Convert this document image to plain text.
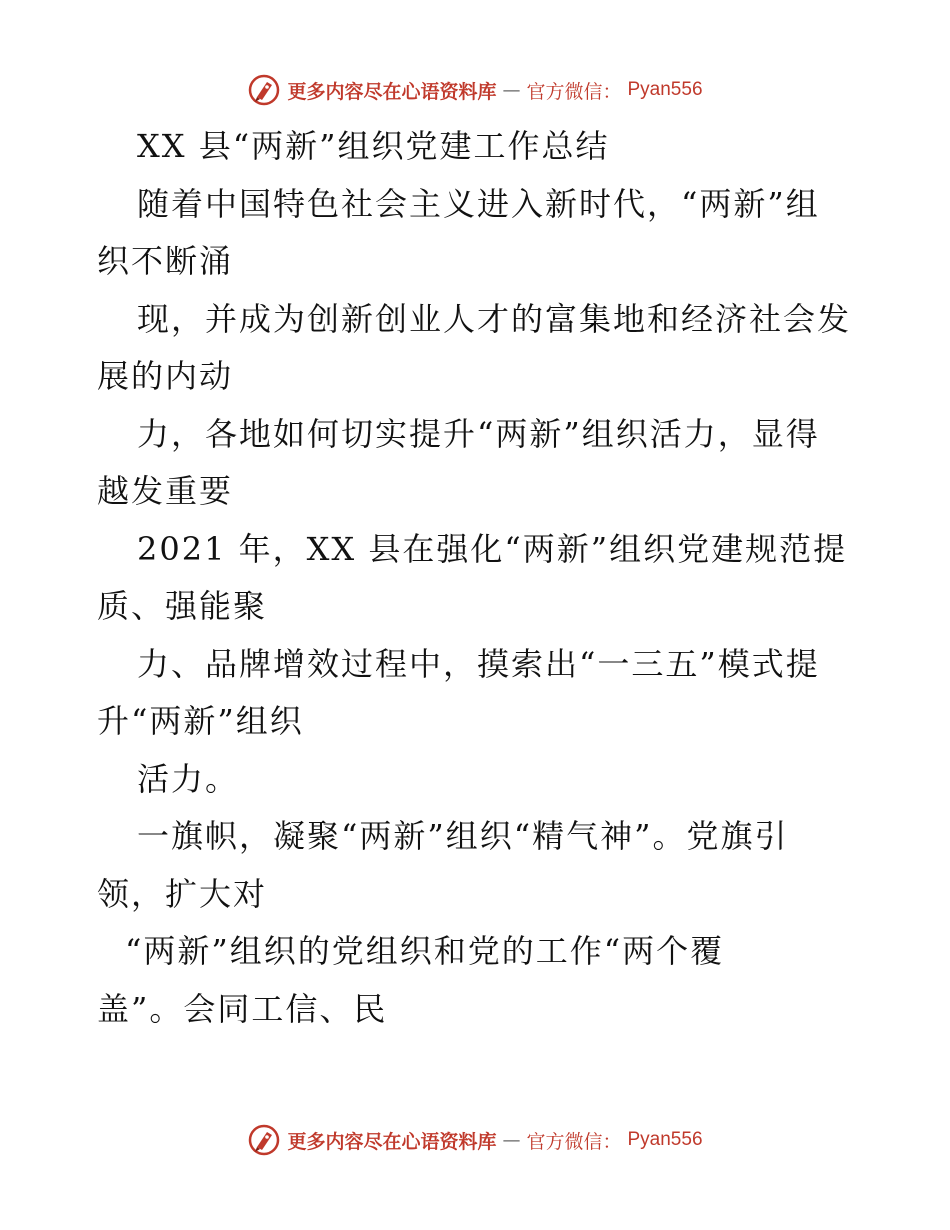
更多内容尽在心语资料库 — 官方微信： Pyan556
XX 县“两新”组织党建工作总结
随着中国特色社会主义进入新时代，“两新”组
织不断涌
现，并成为创新创业人才的富集地和经济社会发
展的内动
力，各地如何切实提升“两新”组织活力，显得
越发重要
2021 年，XX 县在强化“两新”组织党建规范提
质、强能聚
力、品牌增效过程中，摸索出“一三五”模式提
升“两新”组织
活力。
一旗帜，凝聚“两新”组织“精气神”。党旗引
领，扩大对
“两新”组织的党组织和党的工作“两个覆
盖”。会同工信、民
更多内容尽在心语资料库 — 官方微信： Pyan556
